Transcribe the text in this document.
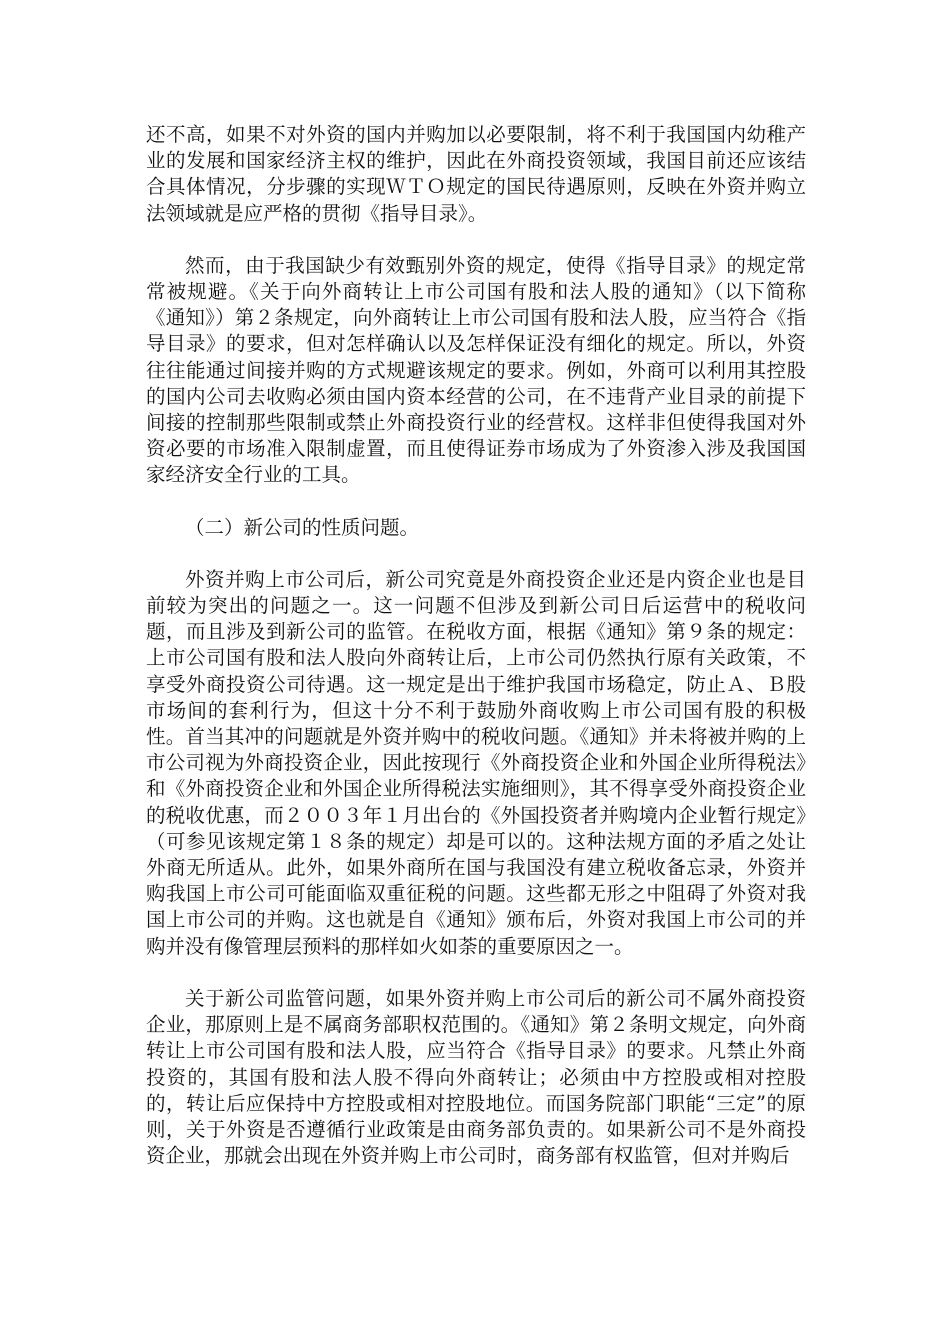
还不高，如果不对外资的国内并购加以必要限制，将不利于我国国内幼稚产业的发展和国家经济主权的维护，因此在外商投资领域，我国目前还应该结合具体情况，分步骤的实现ＷＴＯ规定的国民待遇原则，反映在外资并购立法领域就是应严格的贯彻《指导目录》。

然而，由于我国缺少有效甄别外资的规定，使得《指导目录》的规定常常被规避。《关于向外商转让上市公司国有股和法人股的通知》（以下简称《通知》）第２条规定，向外商转让上市公司国有股和法人股，应当符合《指导目录》的要求，但对怎样确认以及怎样保证没有细化的规定。所以，外资往往能通过间接并购的方式规避该规定的要求。例如，外商可以利用其控股的国内公司去收购必须由国内资本经营的公司，在不违背产业目录的前提下间接的控制那些限制或禁止外商投资行业的经营权。这样非但使得我国对外资必要的市场准入限制虚置，而且使得证券市场成为了外资渗入涉及我国国家经济安全行业的工具。

（二）新公司的性质问题。

外资并购上市公司后，新公司究竟是外商投资企业还是内资企业也是目前较为突出的问题之一。这一问题不但涉及到新公司日后运营中的税收问题，而且涉及到新公司的监管。在税收方面，根据《通知》第９条的规定：上市公司国有股和法人股向外商转让后，上市公司仍然执行原有关政策，不享受外商投资公司待遇。这一规定是出于维护我国市场稳定，防止Ａ、Ｂ股市场间的套利行为，但这十分不利于鼓励外商收购上市公司国有股的积极性。首当其冲的问题就是外资并购中的税收问题。《通知》并未将被并购的上市公司视为外商投资企业，因此按现行《外商投资企业和外国企业所得税法》和《外商投资企业和外国企业所得税法实施细则》，其不得享受外商投资企业的税收优惠，而２００３年１月出台的《外国投资者并购境内企业暂行规定》（可参见该规定第１８条的规定）却是可以的。这种法规方面的矛盾之处让外商无所适从。此外，如果外商所在国与我国没有建立税收备忘录，外资并购我国上市公司可能面临双重征税的问题。这些都无形之中阻碍了外资对我国上市公司的并购。这也就是自《通知》颁布后，外资对我国上市公司的并购并没有像管理层预料的那样如火如荼的重要原因之一。

关于新公司监管问题，如果外资并购上市公司后的新公司不属外商投资企业，那原则上是不属商务部职权范围的。《通知》第２条明文规定，向外商转让上市公司国有股和法人股，应当符合《指导目录》的要求。凡禁止外商投资的，其国有股和法人股不得向外商转让；必须由中方控股或相对控股的，转让后应保持中方控股或相对控股地位。而国务院部门职能“三定”的原则，关于外资是否遵循行业政策是由商务部负责的。如果新公司不是外商投资企业，那就会出现在外资并购上市公司时，商务部有权监管，但对并购后
